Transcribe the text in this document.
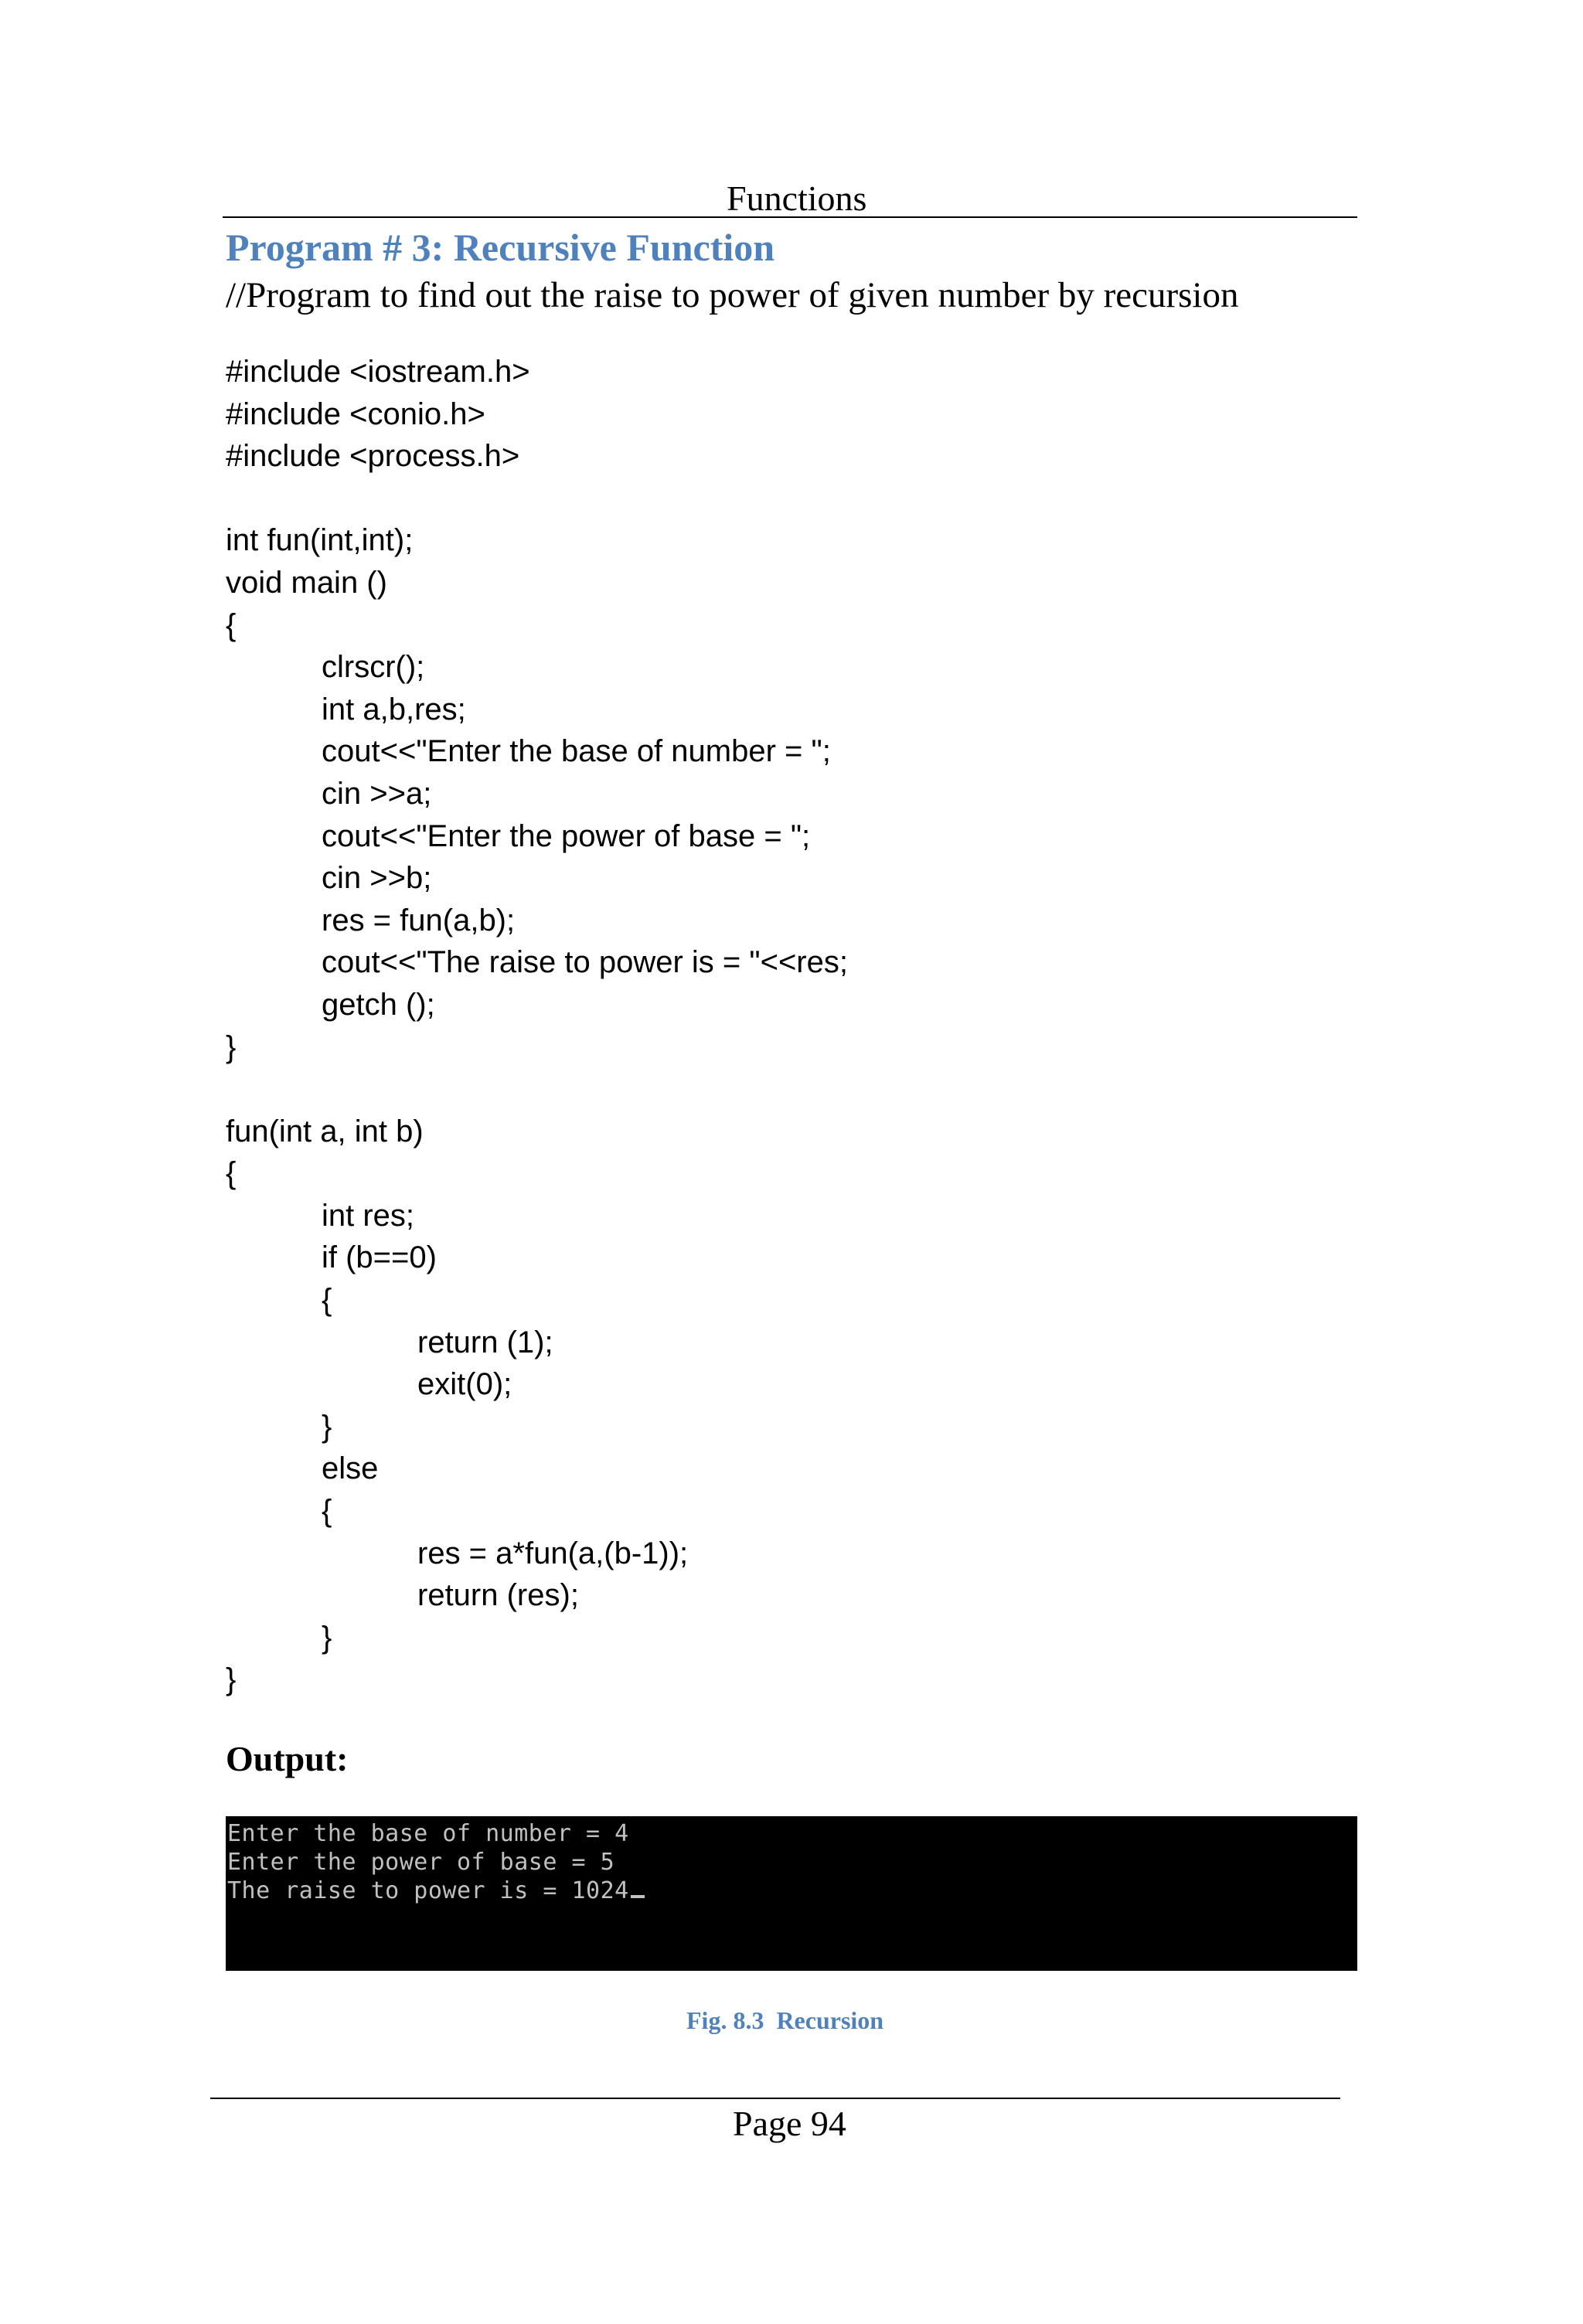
Functions
Program # 3: Recursive Function
//Program to find out the raise to power of given number by recursion
#include <iostream.h>
#include <conio.h>
#include <process.h>
int fun(int,int);
void main ()
{
clrscr();
int a,b,res;
cout<<"Enter the base of number = ";
cin >>a;
cout<<"Enter the power of base = ";
cin >>b;
res = fun(a,b);
cout<<"The raise to power is = "<<res;
getch ();
}
fun(int a, int b)
{
int res;
if (b==0)
{
return (1);
exit(0);
}
else
{
res = a*fun(a,(b-1));
return (res);
}
}
Output:
Enter the base of number = 4
Enter the power of base = 5
The raise to power is = 1024
Fig. 8.3  Recursion
Page 94
